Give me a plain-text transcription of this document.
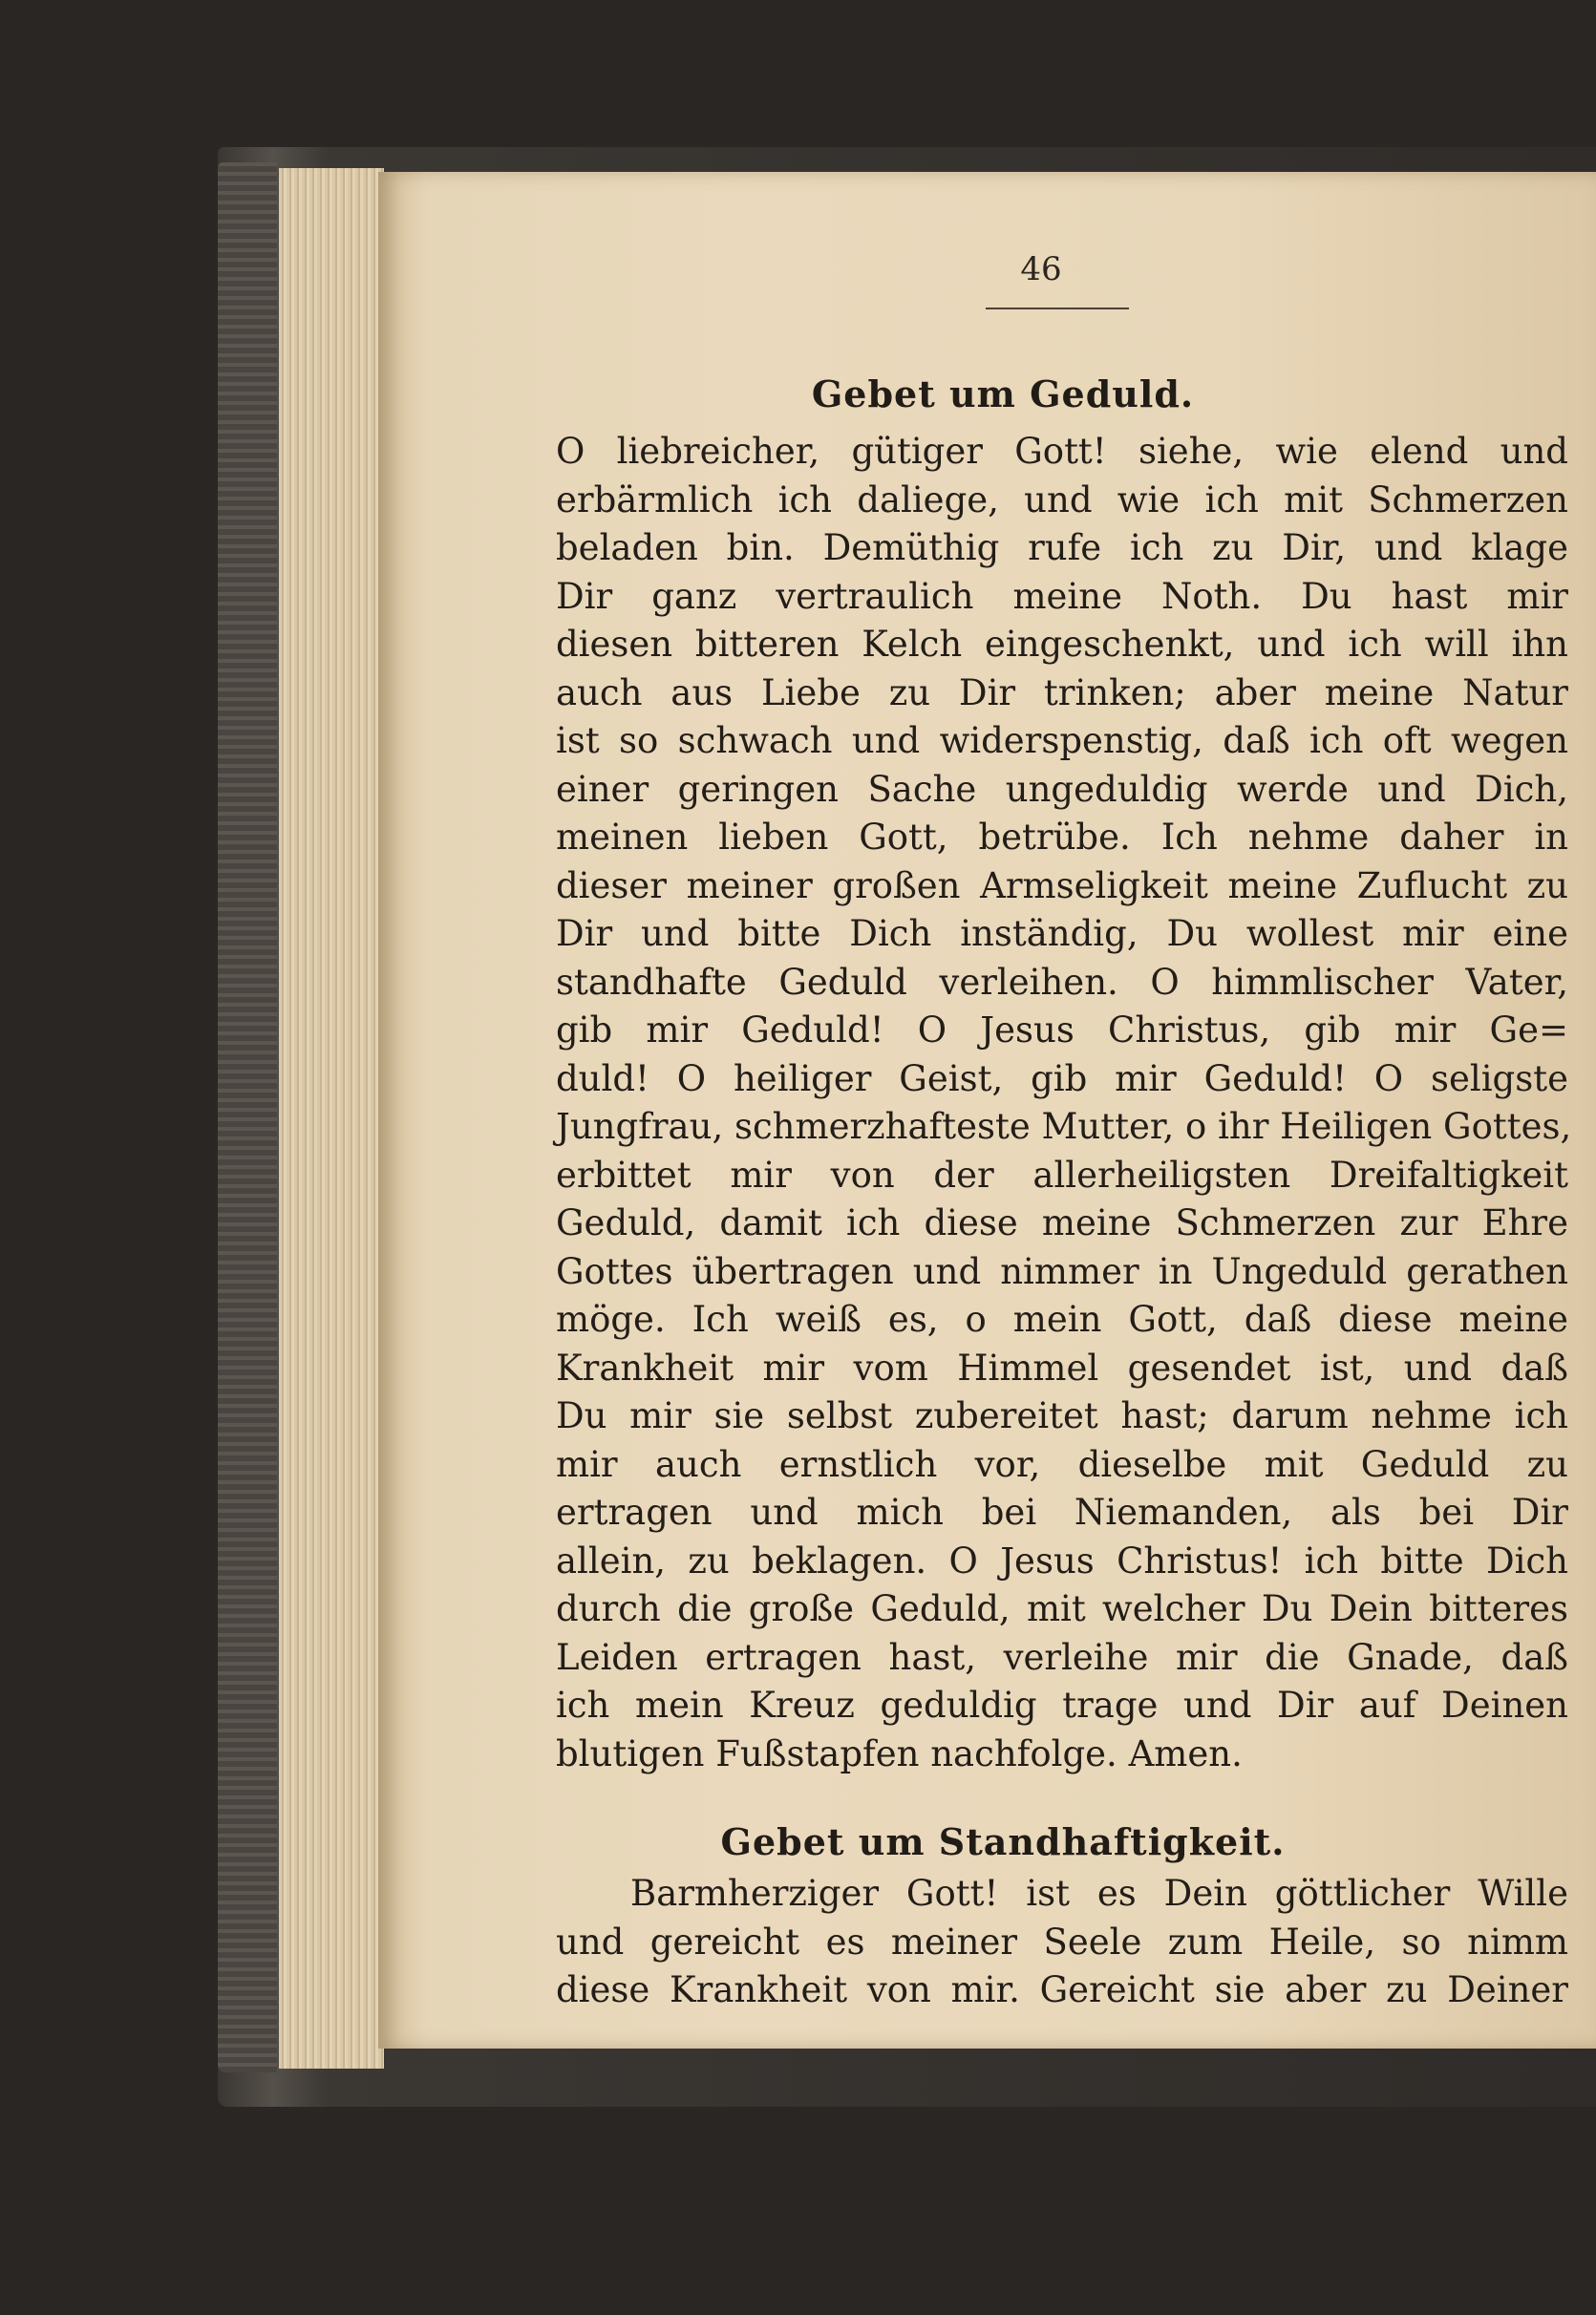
46
Gebet um Geduld.
O liebreicher, gütiger Gott! siehe, wie elend und
erbärmlich ich daliege, und wie ich mit Schmerzen
beladen bin. Demüthig rufe ich zu Dir, und klage
Dir ganz vertraulich meine Noth. Du hast mir
diesen bitteren Kelch eingeschenkt, und ich will ihn
auch aus Liebe zu Dir trinken; aber meine Natur
ist so schwach und widerspenstig, daß ich oft wegen
einer geringen Sache ungeduldig werde und Dich,
meinen lieben Gott, betrübe. Ich nehme daher in
dieser meiner großen Armseligkeit meine Zuflucht zu
Dir und bitte Dich inständig, Du wollest mir eine
standhafte Geduld verleihen. O himmlischer Vater,
gib mir Geduld! O Jesus Christus, gib mir Ge=
duld! O heiliger Geist, gib mir Geduld! O seligste
Jungfrau, schmerzhafteste Mutter, o ihr Heiligen Gottes,
erbittet mir von der allerheiligsten Dreifaltigkeit
Geduld, damit ich diese meine Schmerzen zur Ehre
Gottes übertragen und nimmer in Ungeduld gerathen
möge. Ich weiß es, o mein Gott, daß diese meine
Krankheit mir vom Himmel gesendet ist, und daß
Du mir sie selbst zubereitet hast; darum nehme ich
mir auch ernstlich vor, dieselbe mit Geduld zu
ertragen und mich bei Niemanden, als bei Dir
allein, zu beklagen. O Jesus Christus! ich bitte Dich
durch die große Geduld, mit welcher Du Dein bitteres
Leiden ertragen hast, verleihe mir die Gnade, daß
ich mein Kreuz geduldig trage und Dir auf Deinen
blutigen Fußstapfen nachfolge. Amen.
Gebet um Standhaftigkeit.
Barmherziger Gott! ist es Dein göttlicher Wille
und gereicht es meiner Seele zum Heile, so nimm
diese Krankheit von mir. Gereicht sie aber zu Deiner
